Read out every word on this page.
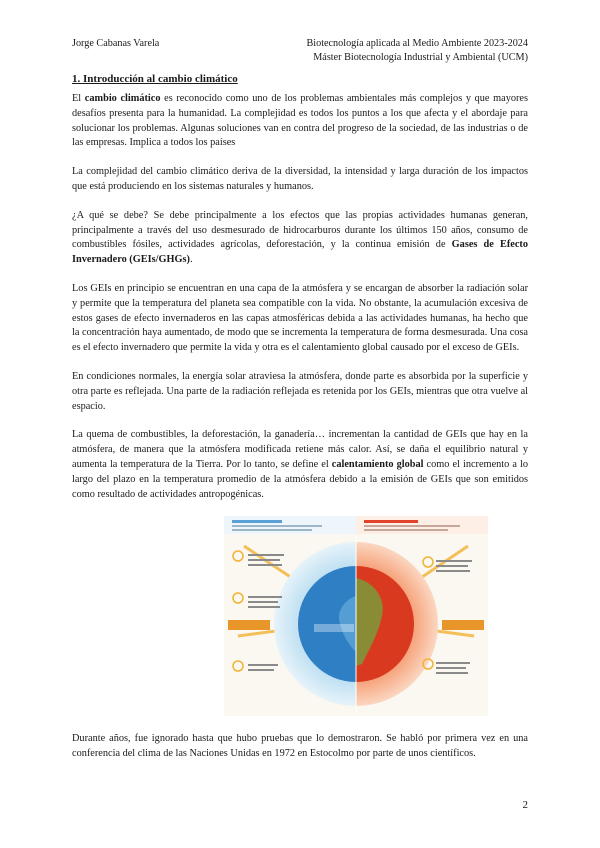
Jorge Cabanas Varela	Biotecnología aplicada al Medio Ambiente 2023-2024
Máster Biotecnología Industrial y Ambiental (UCM)
1. Introducción al cambio climático

El cambio climático es reconocido como uno de los problemas ambientales más complejos y que mayores desafíos presenta para la humanidad. La complejidad es todos los puntos a los que afecta y el abordaje para solucionar los problemas. Algunas soluciones van en contra del progreso de la sociedad, de las industrias o de las empresas. Implica a todos los países

La complejidad del cambio climático deriva de la diversidad, la intensidad y larga duración de los impactos que está produciendo en los sistemas naturales y humanos.

¿A qué se debe? Se debe principalmente a los efectos que las propias actividades humanas generan, principalmente a través del uso desmesurado de hidrocarburos durante los últimos 150 años, consumo de combustibles fósiles, actividades agrícolas, deforestación, y la continua emisión de Gases de Efecto Invernadero (GEIs/GHGs).

Los GEIs en principio se encuentran en una capa de la atmósfera y se encargan de absorber la radiación solar y permite que la temperatura del planeta sea compatible con la vida. No obstante, la acumulación excesiva de estos gases de efecto invernaderos en las capas atmosféricas debida a las actividades humanas, ha hecho que la concentración haya aumentado, de modo que se incrementa la temperatura de forma desmesurada. Una cosa es el efecto invernadero que permite la vida y otra es el calentamiento global causado por el exceso de GEIs.

En condiciones normales, la energía solar atraviesa la atmósfera, donde parte es absorbida por la superficie y otra parte es reflejada. Una parte de la radiación reflejada es retenida por los GEIs, mientras que otra vuelve al espacio.

La quema de combustibles, la deforestación, la ganadería… incrementan la cantidad de GEIs que hay en la atmósfera, de manera que la atmósfera modificada retiene más calor. Así, se daña el equilibrio natural y aumenta la temperatura de la Tierra. Por lo tanto, se define el calentamiento global como el incremento a lo largo del plazo en la temperatura promedio de la atmósfera debido a la emisión de GEIs que son emitidos como resultado de actividades antropogénicas.

Durante años, fue ignorado hasta que hubo pruebas que lo demostraron. Se habló por primera vez en una conferencia del clima de las Naciones Unidas en 1972 en Estocolmo por parte de unos científicos.

2
